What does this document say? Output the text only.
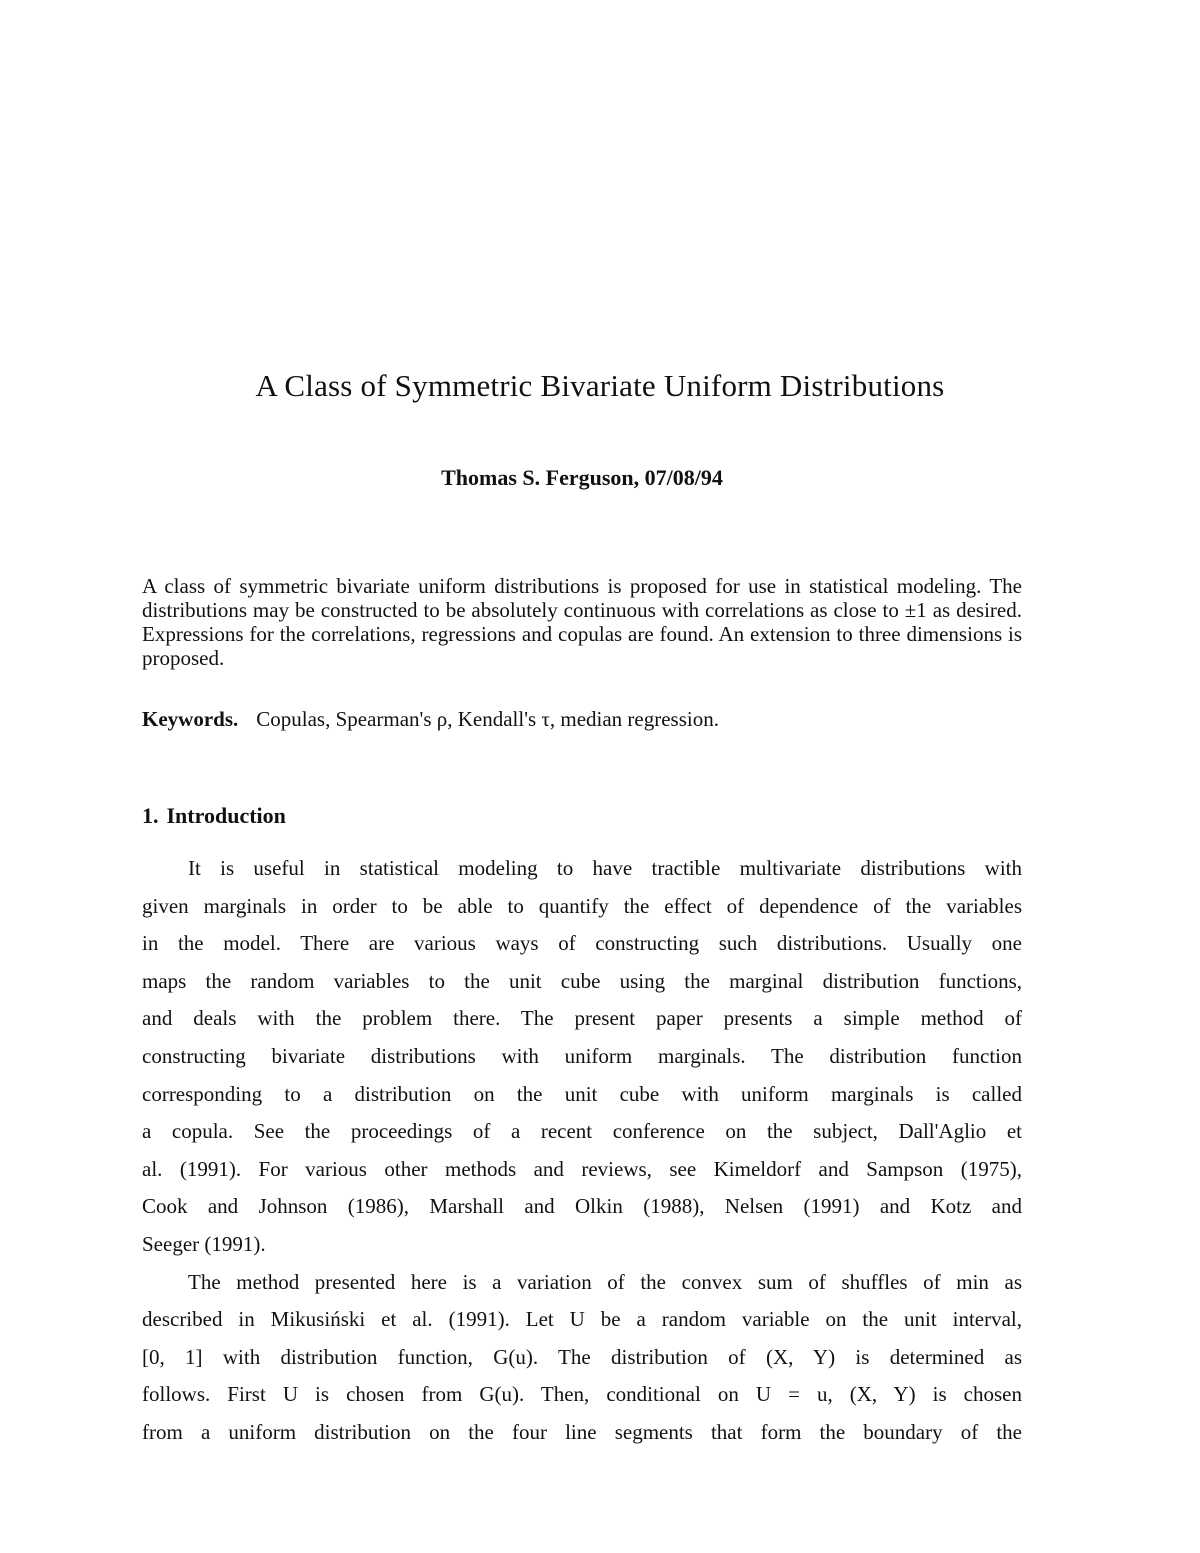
A Class of Symmetric Bivariate Uniform Distributions
Thomas S. Ferguson, 07/08/94
A class of symmetric bivariate uniform distributions is proposed for use in statistical modeling. The distributions may be constructed to be absolutely continuous with correlations as close to ±1 as desired. Expressions for the correlations, regressions and copulas are found. An extension to three dimensions is proposed.
Keywords. Copulas, Spearman's ρ, Kendall's τ, median regression.
1. Introduction
It is useful in statistical modeling to have tractible multivariate distributions with
given marginals in order to be able to quantify the effect of dependence of the variables
in the model. There are various ways of constructing such distributions. Usually one
maps the random variables to the unit cube using the marginal distribution functions,
and deals with the problem there. The present paper presents a simple method of
constructing bivariate distributions with uniform marginals. The distribution function
corresponding to a distribution on the unit cube with uniform marginals is called
a copula. See the proceedings of a recent conference on the subject, Dall'Aglio et
al. (1991). For various other methods and reviews, see Kimeldorf and Sampson (1975),
Cook and Johnson (1986), Marshall and Olkin (1988), Nelsen (1991) and Kotz and
Seeger (1991).
The method presented here is a variation of the convex sum of shuffles of min as
described in Mikusiński et al. (1991). Let U be a random variable on the unit interval,
[0, 1] with distribution function, G(u). The distribution of (X, Y) is determined as
follows. First U is chosen from G(u). Then, conditional on U = u, (X, Y) is chosen
from a uniform distribution on the four line segments that form the boundary of the
